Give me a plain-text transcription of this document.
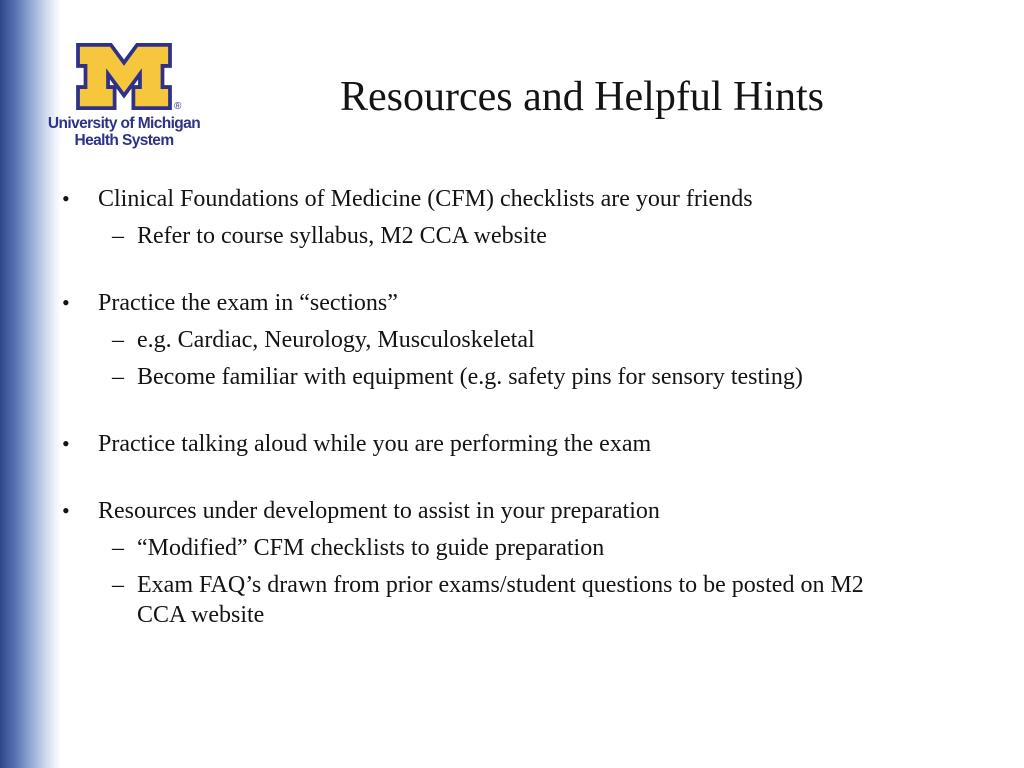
®
University of Michigan
Health System
Resources and Helpful Hints
• Clinical Foundations of Medicine (CFM) checklists are your friends
– Refer to course syllabus, M2 CCA website
• Practice the exam in “sections”
– e.g. Cardiac, Neurology, Musculoskeletal
– Become familiar with equipment (e.g. safety pins for sensory testing)
• Practice talking aloud while you are performing the exam
• Resources under development to assist in your preparation
– “Modified” CFM checklists to guide preparation
– Exam FAQ’s drawn from prior exams/student questions to be posted on M2 CCA website
